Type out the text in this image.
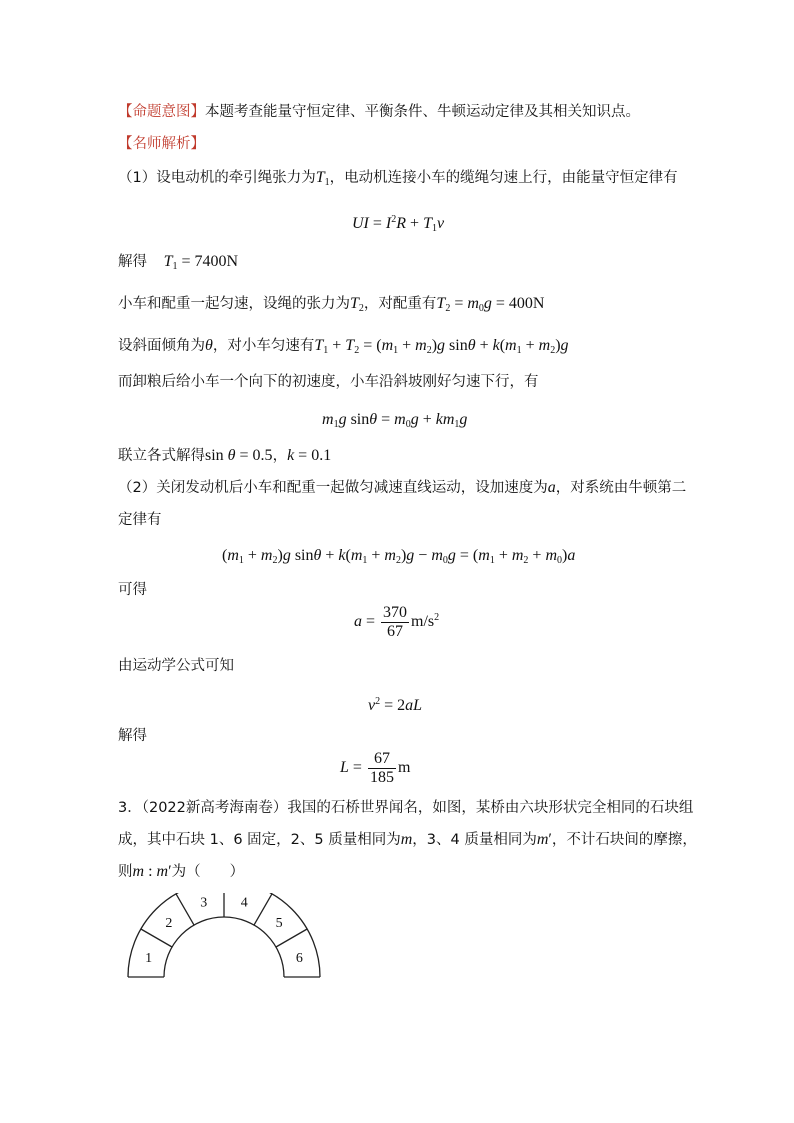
【命题意图】本题考查能量守恒定律、平衡条件、牛顿运动定律及其相关知识点。
【名师解析】
（1）设电动机的牵引绳张力为$T_1$，电动机连接小车的缆绳匀速上行，由能量守恒定律有
UI = $I^2R + T_1v$
解得 $T_1 = 7400N$
小车和配重一起匀速，设绳的张力为$T_2$，对配重有$T_2 = m_0g = 400N$
设斜面倾角为θ，对小车匀速有$T_1 + T_2 = (m_1 + m_2)g$ $\sin\theta + k(m_1 + m_2)g$
而卸粮后给小车一个向下的初速度，小车沿斜坡刚好匀速下行，有
$m_1g$ $\sin\theta = m_0g + km_1g$
联立各式解得sin θ = 0.5，k = 0.1
（2）关闭发动机后小车和配重一起做匀减速直线运动，设加速度为a，对系统由牛顿第二
定律有
$(m_1 + m_2)g$ $\sin\theta + k(m_1 + m_2)g - m_0g = (m_1 + m_2 + m_0)a$
可得
$a = \frac{370}{67} m/s^2$
由运动学公式可知
$v^2 = 2aL$
解得
$L = \frac{67}{185}$ m
3．（2022新高考海南卷）我国的石桥世界闻名，如图，某桥由六块形状完全相同的石块组
成，其中石块 1、6 固定，2、5 质量相同为m，3、4 质量相同为m′，不计石块间的摩擦，
则m : m′为（　　）
1
2
3 4
5
6
